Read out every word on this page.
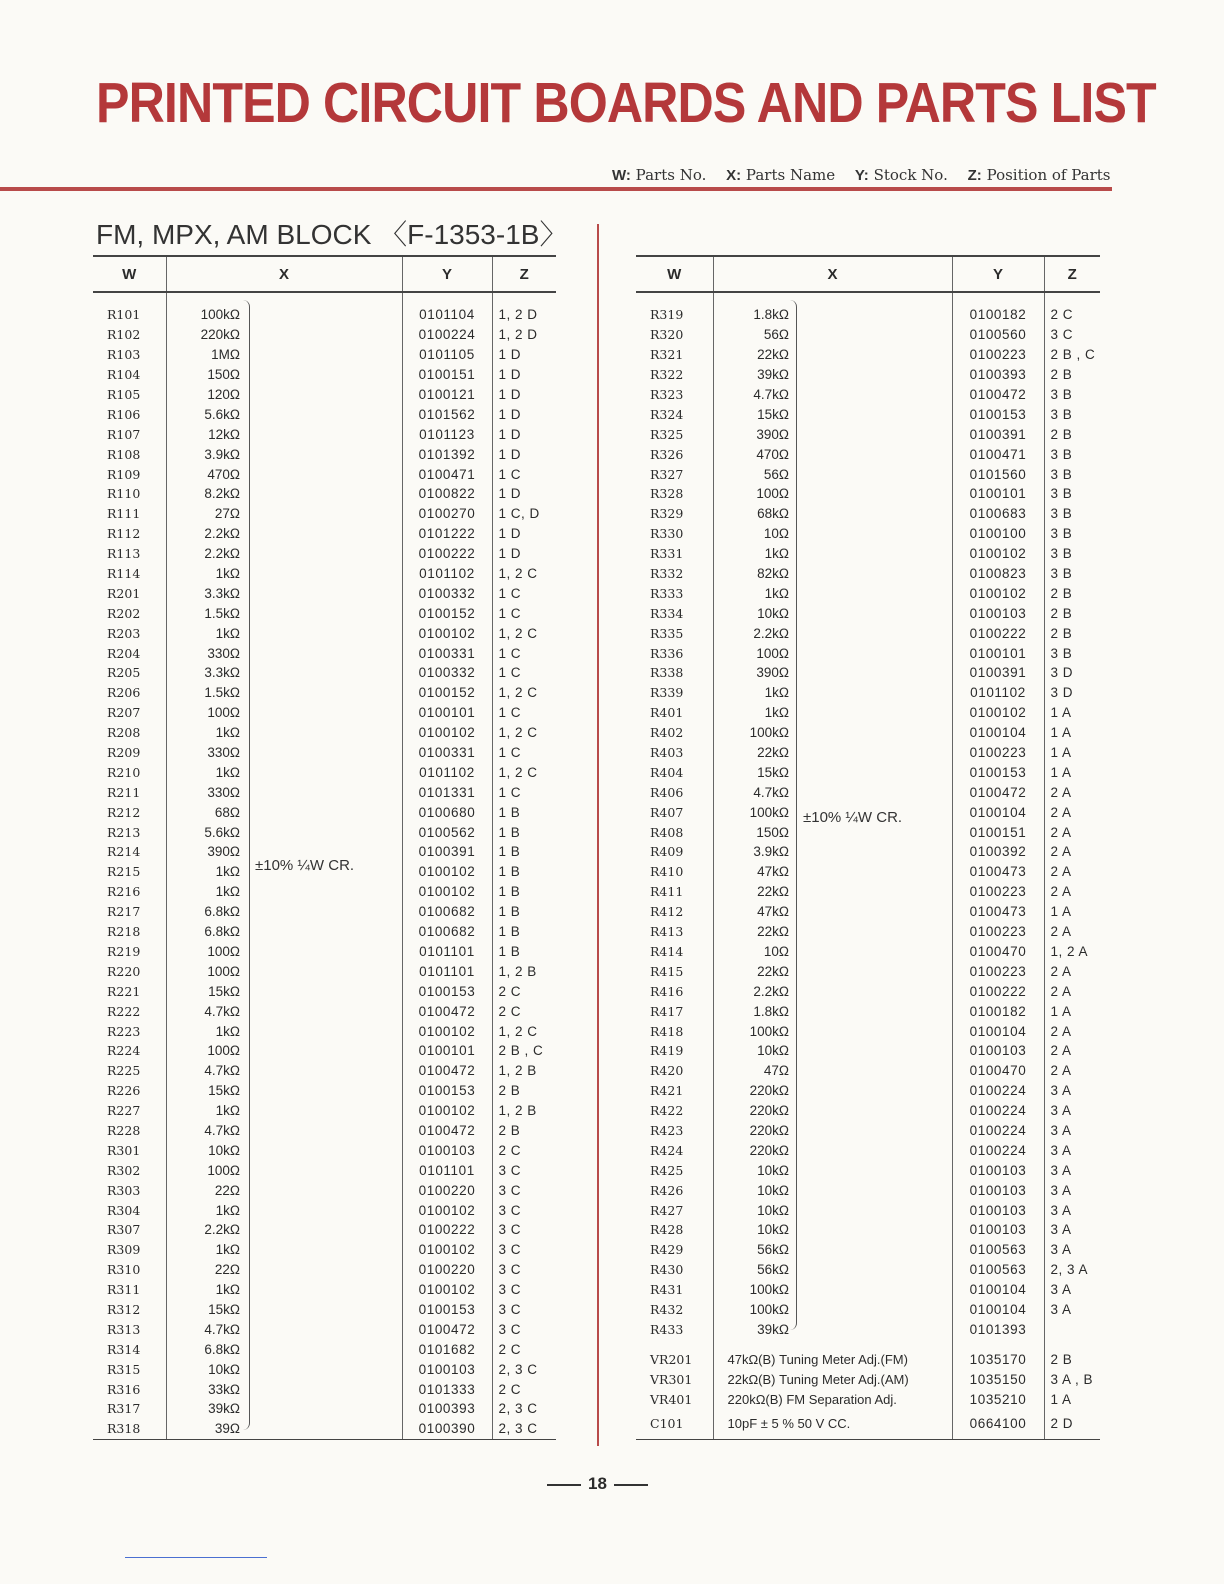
PRINTED CIRCUIT BOARDS AND PARTS LIST
W: Parts No. X: Parts Name Y: Stock No. Z: Position of Parts
FM, MPX, AM BLOCK 〈F-1353-1B〉
W	X		Y	Z
R101	100kΩ		0101104	1, 2 D
R102	220kΩ		0100224	1, 2 D
R103	1MΩ		0101105	1 D
R104	150Ω		0100151	1 D
R105	120Ω		0100121	1 D
R106	5.6kΩ		0101562	1 D
R107	12kΩ		0101123	1 D
R108	3.9kΩ		0101392	1 D
R109	470Ω		0100471	1 C
R110	8.2kΩ		0100822	1 D
R111	27Ω		0100270	1 C, D
R112	2.2kΩ		0101222	1 D
R113	2.2kΩ		0100222	1 D
R114	1kΩ		0101102	1, 2 C
R201	3.3kΩ		0100332	1 C
R202	1.5kΩ		0100152	1 C
R203	1kΩ		0100102	1, 2 C
R204	330Ω		0100331	1 C
R205	3.3kΩ		0100332	1 C
R206	1.5kΩ		0100152	1, 2 C
R207	100Ω		0100101	1 C
R208	1kΩ		0100102	1, 2 C
R209	330Ω		0100331	1 C
R210	1kΩ		0101102	1, 2 C
R211	330Ω		0101331	1 C
R212	68Ω		0100680	1 B
R213	5.6kΩ		0100562	1 B
R214	390Ω		0100391	1 B
R215	1kΩ		0100102	1 B
R216	1kΩ		0100102	1 B
R217	6.8kΩ		0100682	1 B
R218	6.8kΩ		0100682	1 B
R219	100Ω		0101101	1 B
R220	100Ω		0101101	1, 2 B
R221	15kΩ		0100153	2 C
R222	4.7kΩ		0100472	2 C
R223	1kΩ		0100102	1, 2 C
R224	100Ω		0100101	2 B , C
R225	4.7kΩ		0100472	1, 2 B
R226	15kΩ		0100153	2 B
R227	1kΩ		0100102	1, 2 B
R228	4.7kΩ		0100472	2 B
R301	10kΩ		0100103	2 C
R302	100Ω		0101101	3 C
R303	22Ω		0100220	3 C
R304	1kΩ		0100102	3 C
R307	2.2kΩ		0100222	3 C
R309	1kΩ		0100102	3 C
R310	22Ω		0100220	3 C
R311	1kΩ		0100102	3 C
R312	15kΩ		0100153	3 C
R313	4.7kΩ		0100472	3 C
R314	6.8kΩ		0101682	2 C
R315	10kΩ		0100103	2, 3 C
R316	33kΩ		0101333	2 C
R317	39kΩ		0100393	2, 3 C
R318	39Ω		0100390	2, 3 C
W	X		Y	Z
R319	1.8kΩ		0100182	2 C
R320	56Ω		0100560	3 C
R321	22kΩ		0100223	2 B , C
R322	39kΩ		0100393	2 B
R323	4.7kΩ		0100472	3 B
R324	15kΩ		0100153	3 B
R325	390Ω		0100391	2 B
R326	470Ω		0100471	3 B
R327	56Ω		0101560	3 B
R328	100Ω		0100101	3 B
R329	68kΩ		0100683	3 B
R330	10Ω		0100100	3 B
R331	1kΩ		0100102	3 B
R332	82kΩ		0100823	3 B
R333	1kΩ		0100102	2 B
R334	10kΩ		0100103	2 B
R335	2.2kΩ		0100222	2 B
R336	100Ω		0100101	3 B
R338	390Ω		0100391	3 D
R339	1kΩ		0101102	3 D
R401	1kΩ		0100102	1 A
R402	100kΩ		0100104	1 A
R403	22kΩ		0100223	1 A
R404	15kΩ		0100153	1 A
R406	4.7kΩ		0100472	2 A
R407	100kΩ		0100104	2 A
R408	150Ω		0100151	2 A
R409	3.9kΩ		0100392	2 A
R410	47kΩ		0100473	2 A
R411	22kΩ		0100223	2 A
R412	47kΩ		0100473	1 A
R413	22kΩ		0100223	2 A
R414	10Ω		0100470	1, 2 A
R415	22kΩ		0100223	2 A
R416	2.2kΩ		0100222	2 A
R417	1.8kΩ		0100182	1 A
R418	100kΩ		0100104	2 A
R419	10kΩ		0100103	2 A
R420	47Ω		0100470	2 A
R421	220kΩ		0100224	3 A
R422	220kΩ		0100224	3 A
R423	220kΩ		0100224	3 A
R424	220kΩ		0100224	3 A
R425	10kΩ		0100103	3 A
R426	10kΩ		0100103	3 A
R427	10kΩ		0100103	3 A
R428	10kΩ		0100103	3 A
R429	56kΩ		0100563	3 A
R430	56kΩ		0100563	2, 3 A
R431	100kΩ		0100104	3 A
R432	100kΩ		0100104	3 A
R433	39kΩ		0101393	
VR201	47kΩ(B) Tuning Meter Adj.(FM)		1035170	2 B
VR301	22kΩ(B) Tuning Meter Adj.(AM)		1035150	3 A , B
VR401	220kΩ(B) FM Separation Adj.		1035210	1 A
C101	10pF ± 5 % 50 V CC.		0664100	2 D
±10% ¼W CR.
±10% ¼W CR.
18
